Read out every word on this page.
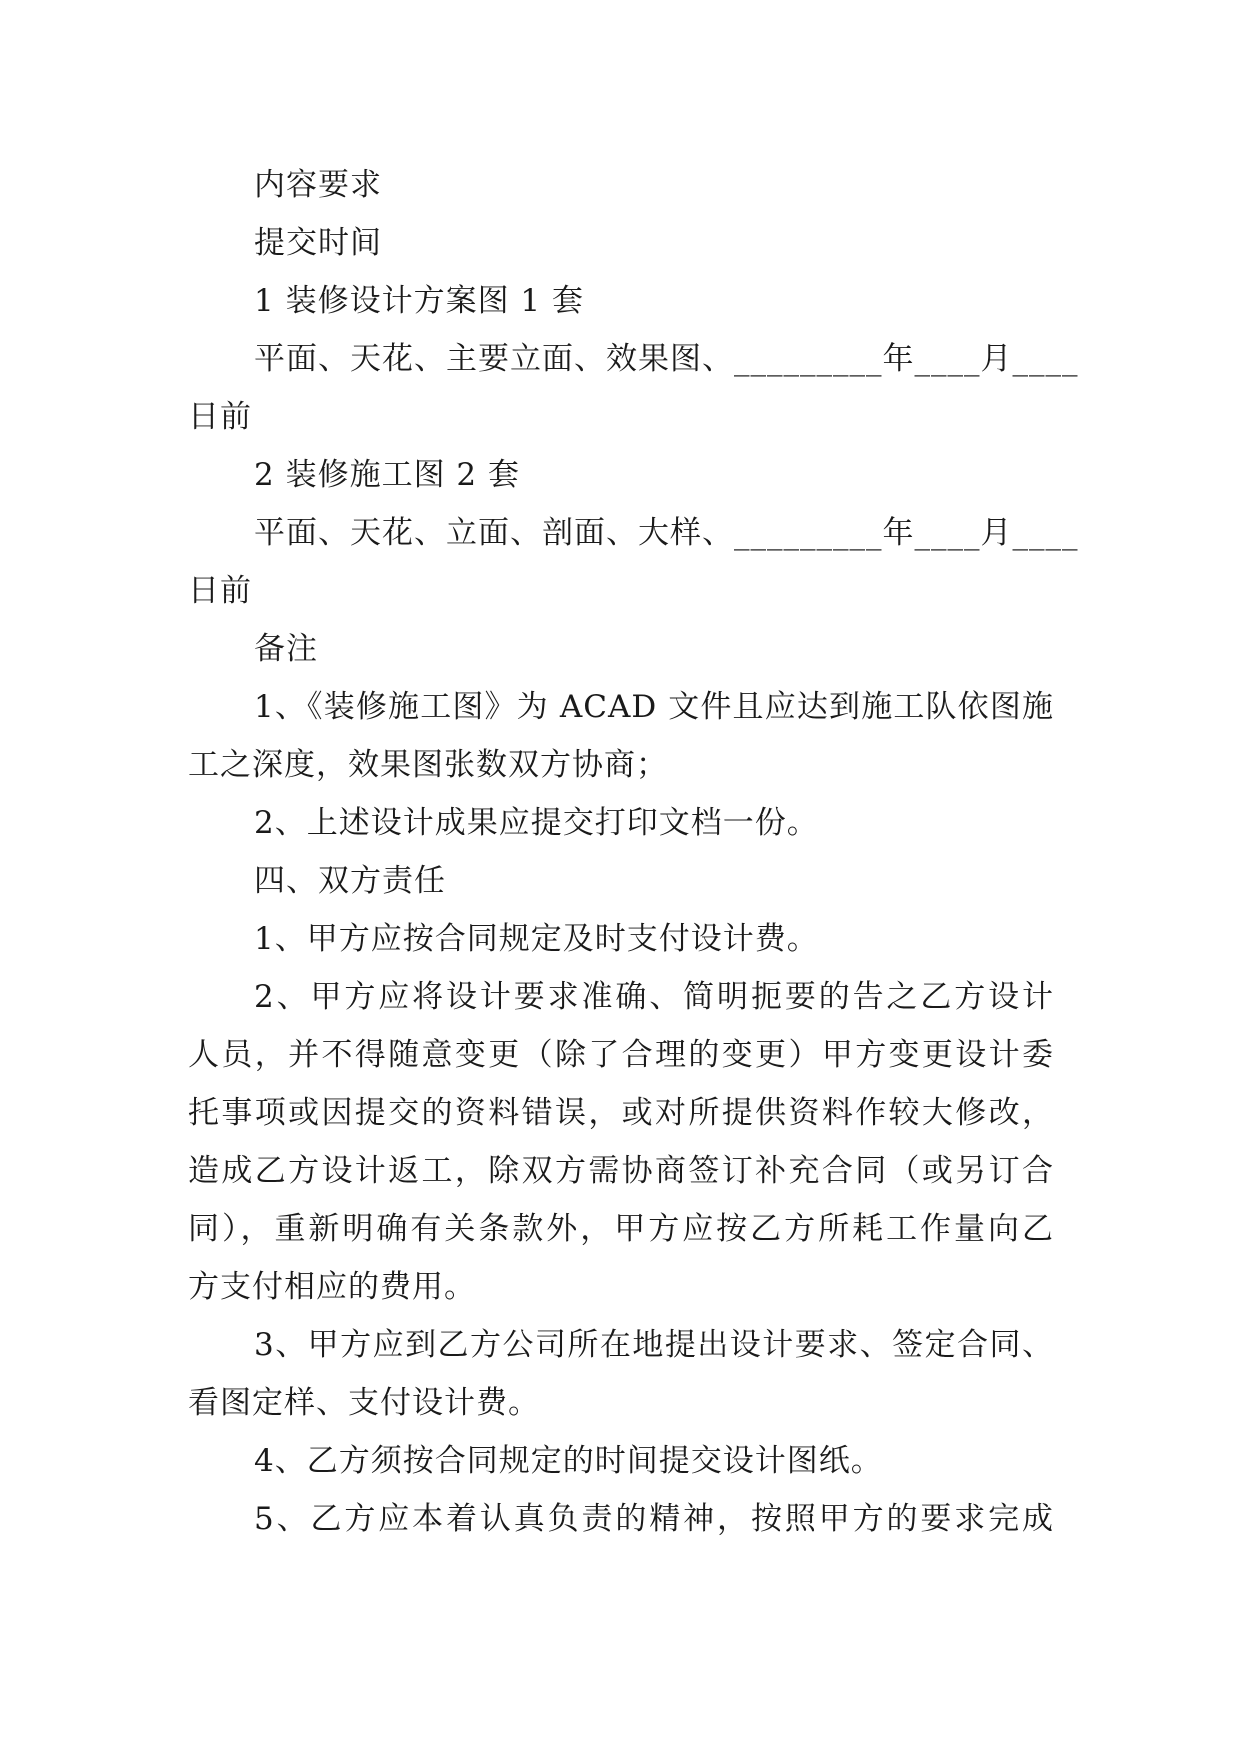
内容要求
提交时间
1 装修设计方案图 1 套
平面、天花、主要立面、效果图、_________年____月____
日前
2 装修施工图 2 套
平面、天花、立面、剖面、大样、_________年____月____
日前
备注
1、《装修施工图》为 ACAD 文件且应达到施工队依图施
工之深度，效果图张数双方协商；
2、上述设计成果应提交打印文档一份。
四、双方责任
1、甲方应按合同规定及时支付设计费。
2、甲方应将设计要求准确、简明扼要的告之乙方设计
人员，并不得随意变更（除了合理的变更）甲方变更设计委
托事项或因提交的资料错误，或对所提供资料作较大修改，
造成乙方设计返工，除双方需协商签订补充合同（或另订合
同），重新明确有关条款外，甲方应按乙方所耗工作量向乙
方支付相应的费用。
3、甲方应到乙方公司所在地提出设计要求、签定合同、
看图定样、支付设计费。
4、乙方须按合同规定的时间提交设计图纸。
5、乙方应本着认真负责的精神，按照甲方的要求完成
